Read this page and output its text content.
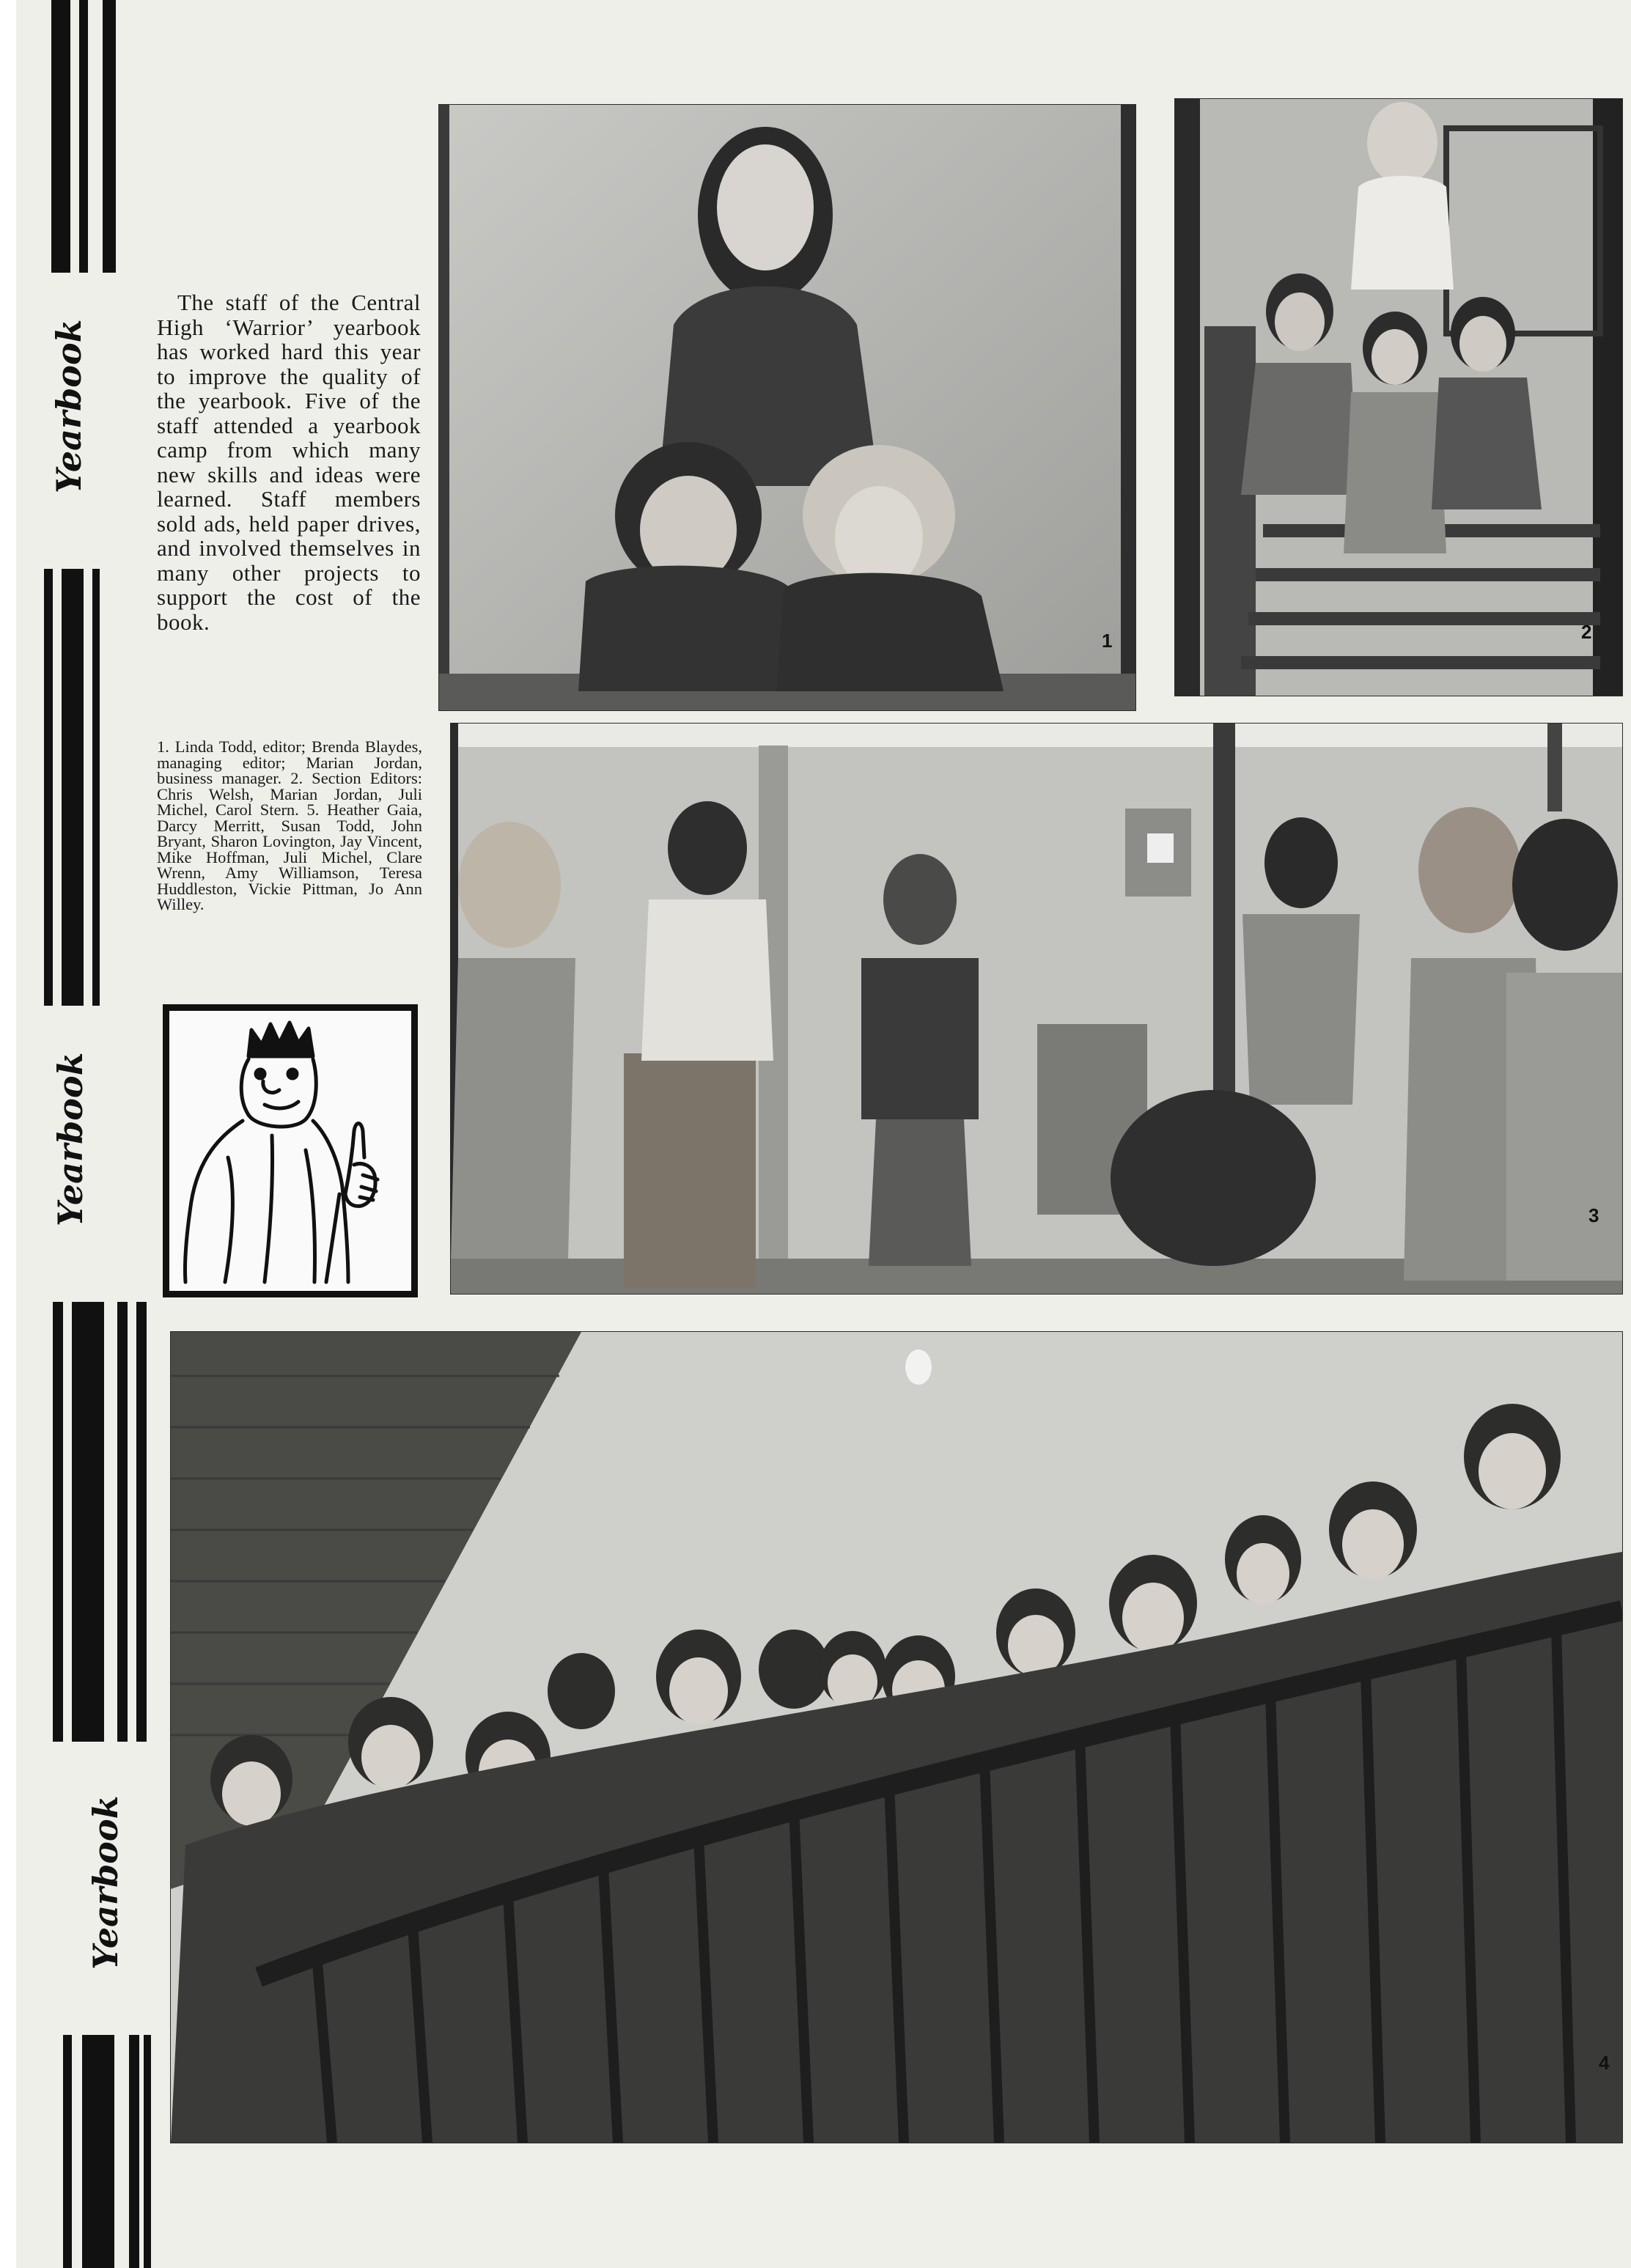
Yearbook
Yearbook
Yearbook

The staff of the Central High ‘Warrior’ yearbook has worked hard this year to improve the quality of the yearbook. Five of the staff attended a yearbook camp from which many new skills and ideas were learned. Staff members sold ads, held paper drives, and involved themselves in many other projects to support the cost of the book.

1. Linda Todd, editor; Brenda Blaydes, managing editor; Marian Jordan, business manager. 2. Section Editors: Chris Welsh, Marian Jordan, Juli Michel, Carol Stern. 5. Heather Gaia, Darcy Merritt, Susan Todd, John Bryant, Sharon Lovington, Jay Vincent, Mike Hoffman, Juli Michel, Clare Wrenn, Amy Williamson, Teresa Huddleston, Vickie Pittman, Jo Ann Willey.

1	2
3
4
